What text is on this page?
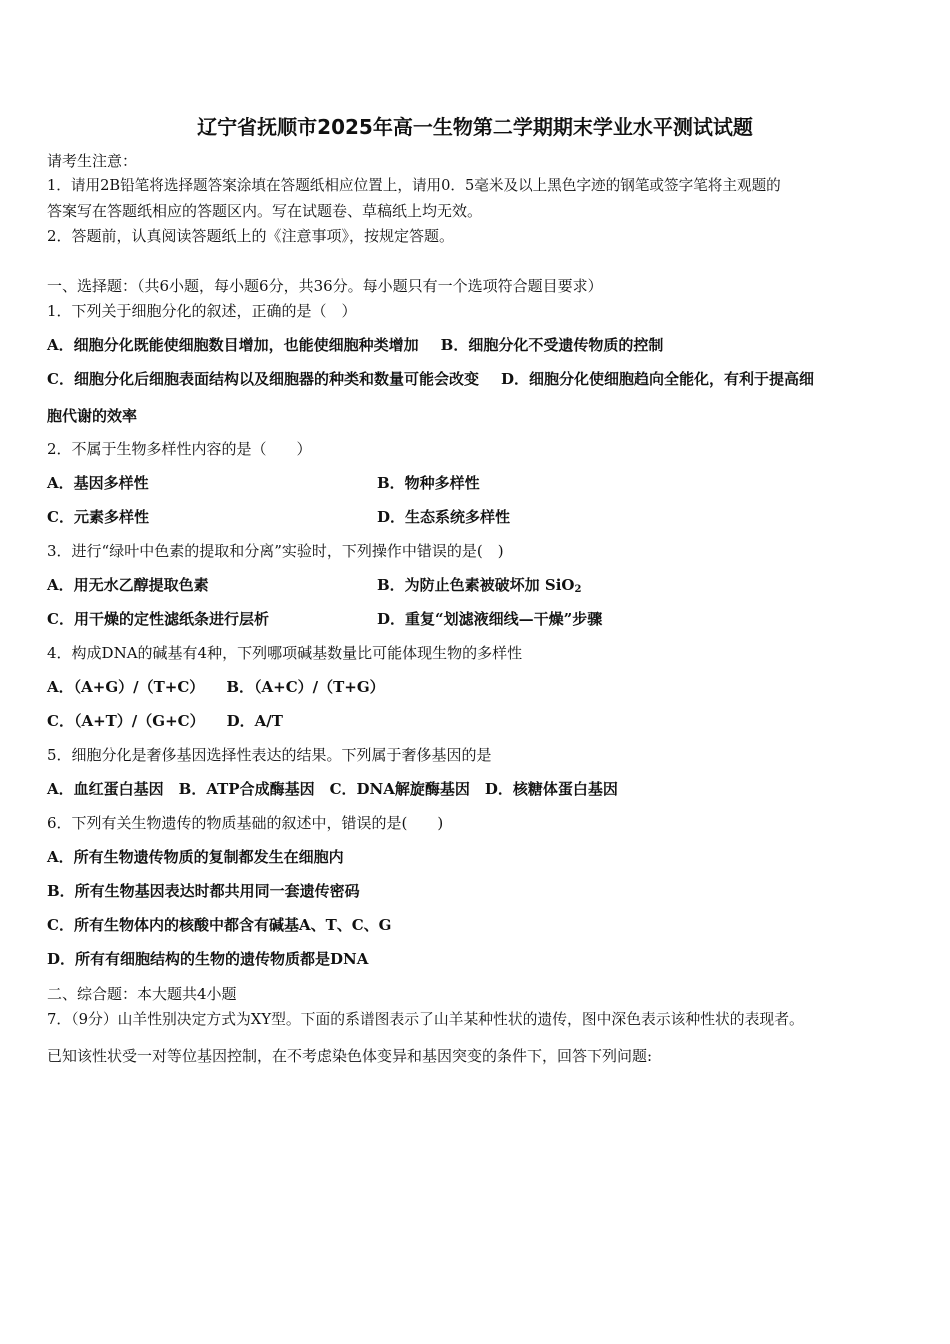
辽宁省抚顺市2025年高一生物第二学期期末学业水平测试试题
请考生注意：
1．请用2B铅笔将选择题答案涂填在答题纸相应位置上，请用0．5毫米及以上黑色字迹的钢笔或签字笔将主观题的
答案写在答题纸相应的答题区内。写在试题卷、草稿纸上均无效。
2．答题前，认真阅读答题纸上的《注意事项》，按规定答题。
一、选择题：（共6小题，每小题6分，共36分。每小题只有一个选项符合题目要求）
1．下列关于细胞分化的叙述，正确的是（　）
A．细胞分化既能使细胞数目增加，也能使细胞种类增加 B．细胞分化不受遗传物质的控制
C．细胞分化后细胞表面结构以及细胞器的种类和数量可能会改变 D．细胞分化使细胞趋向全能化，有利于提高细
胞代谢的效率
2．不属于生物多样性内容的是（　　）
A．基因多样性	B．物种多样性
C．元素多样性	D．生态系统多样性
3．进行“绿叶中色素的提取和分离”实验时，下列操作中错误的是(　)
A．用无水乙醇提取色素	B．为防止色素被破坏加 SiO$_2$
C．用干燥的定性滤纸条进行层析	D．重复“划滤液细线—干燥”步骤
4．构成DNA的碱基有4种，下列哪项碱基数量比可能体现生物的多样性
A．（A+G）/（T+C） B．（A+C）/（T+G）
C．（A+T）/（G+C） D．A/T
5．细胞分化是奢侈基因选择性表达的结果。下列属于奢侈基因的是
A．血红蛋白基因　B．ATP合成酶基因　C．DNA解旋酶基因　D．核糖体蛋白基因
6．下列有关生物遗传的物质基础的叙述中，错误的是(　　)
A．所有生物遗传物质的复制都发生在细胞内
B．所有生物基因表达时都共用同一套遗传密码
C．所有生物体内的核酸中都含有碱基A、T、C、G
D．所有有细胞结构的生物的遗传物质都是DNA
二、综合题：本大题共4小题
7．（9分）山羊性别决定方式为XY型。下面的系谱图表示了山羊某种性状的遗传，图中深色表示该种性状的表现者。
已知该性状受一对等位基因控制，在不考虑染色体变异和基因突变的条件下，回答下列问题:
